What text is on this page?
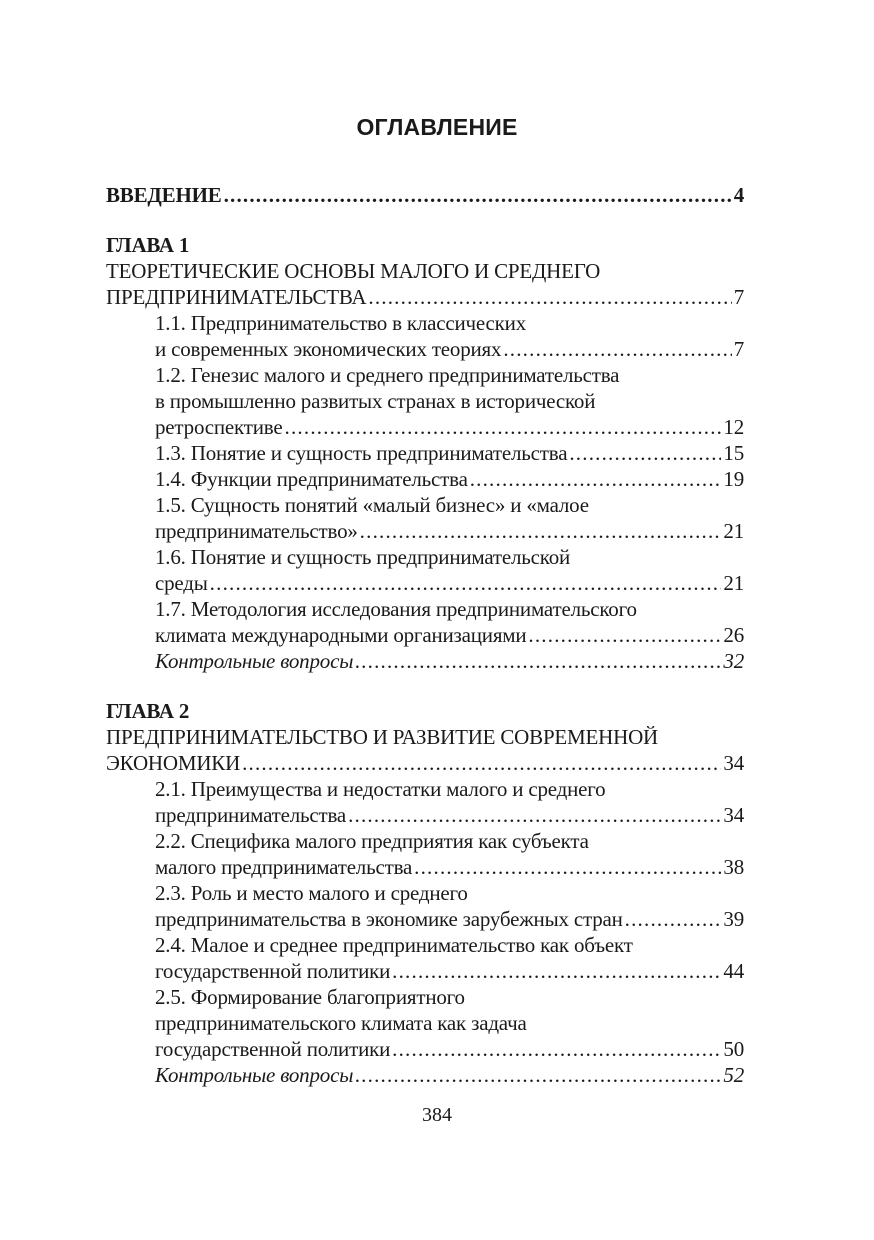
ОГЛАВЛЕНИЕ
ВВЕДЕНИЕ .....	4
ГЛАВА 1
ТЕОРЕТИЧЕСКИЕ ОСНОВЫ МАЛОГО И СРЕДНЕГО
ПРЕДПРИНИМАТЕЛЬСТВА .....	7
1.1. Предпринимательство в классических
и современных экономических теориях .....	7
1.2. Генезис малого и среднего предпринимательства
в промышленно развитых странах в исторической
ретроспективе .....	12
1.3. Понятие и сущность предпринимательства .....	15
1.4. Функции предпринимательства .....	19
1.5. Сущность понятий «малый бизнес» и «малое
предпринимательство» .....	21
1.6. Понятие и сущность предпринимательской
среды .....	21
1.7. Методология исследования предпринимательского
климата международными организациями .....	26
Контрольные вопросы .....	32
ГЛАВА 2
ПРЕДПРИНИМАТЕЛЬСТВО И РАЗВИТИЕ СОВРЕМЕННОЙ
ЭКОНОМИКИ .....	34
2.1. Преимущества и недостатки малого и среднего
предпринимательства .....	34
2.2. Специфика малого предприятия как субъекта
малого предпринимательства .....	38
2.3. Роль и место малого и среднего
предпринимательства в экономике зарубежных стран .....	39
2.4. Малое и среднее предпринимательство как объект
государственной политики .....	44
2.5. Формирование благоприятного
предпринимательского климата как задача
государственной политики .....	50
Контрольные вопросы .....	52
384
